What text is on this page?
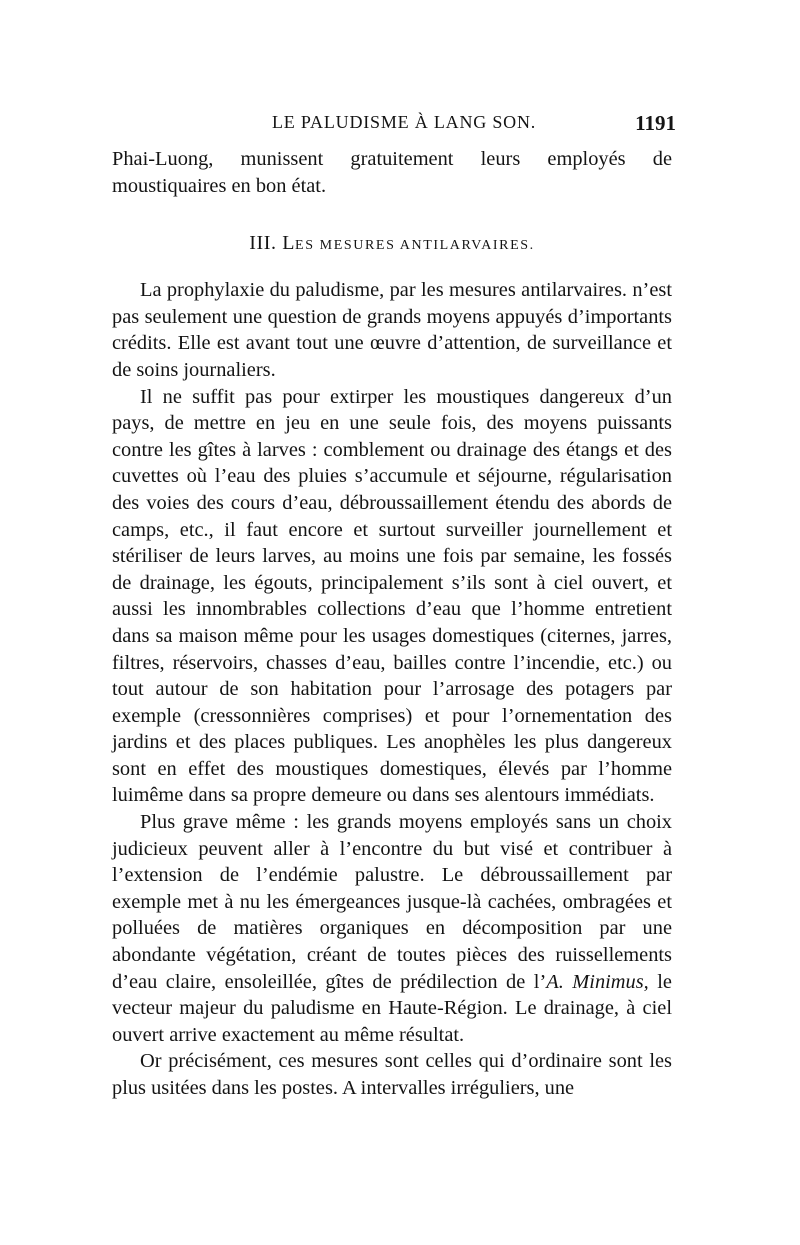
LE PALUDISME À LANG SON.	1191

Phai-Luong, munissent gratuitement leurs employés de moustiquaires en bon état.

III. LES MESURES ANTILARVAIRES.

La prophylaxie du paludisme, par les mesures antilarvaires. n’est pas seulement une question de grands moyens appuyés d’importants crédits. Elle est avant tout une œuvre d’attention, de surveillance et de soins journaliers.

Il ne suffit pas pour extirper les moustiques dangereux d’un pays, de mettre en jeu en une seule fois, des moyens puissants contre les gîtes à larves : comblement ou drainage des étangs et des cuvettes où l’eau des pluies s’accumule et séjourne, régularisation des voies des cours d’eau, débroussaillement étendu des abords de camps, etc., il faut encore et surtout surveiller journellement et stériliser de leurs larves, au moins une fois par semaine, les fossés de drainage, les égouts, principalement s’ils sont à ciel ouvert, et aussi les innombrables collections d’eau que l’homme entretient dans sa maison même pour les usages domestiques (citernes, jarres, filtres, réservoirs, chasses d’eau, bailles contre l’incendie, etc.) ou tout autour de son habitation pour l’arrosage des potagers par exemple (cressonnières comprises) et pour l’ornementation des jardins et des places publiques. Les anophèles les plus dangereux sont en effet des moustiques domestiques, élevés par l’homme luimême dans sa propre demeure ou dans ses alentours immédiats.

Plus grave même : les grands moyens employés sans un choix judicieux peuvent aller à l’encontre du but visé et contribuer à l’extension de l’endémie palustre. Le débroussaillement par exemple met à nu les émergeances jusque-là cachées, ombragées et polluées de matières organiques en décomposition par une abondante végétation, créant de toutes pièces des ruissellements d’eau claire, ensoleillée, gîtes de prédilection de l’A. Minimus, le vecteur majeur du paludisme en Haute-Région. Le drainage, à ciel ouvert arrive exactement au même résultat.

Or précisément, ces mesures sont celles qui d’ordinaire sont les plus usitées dans les postes. A intervalles irréguliers, une
